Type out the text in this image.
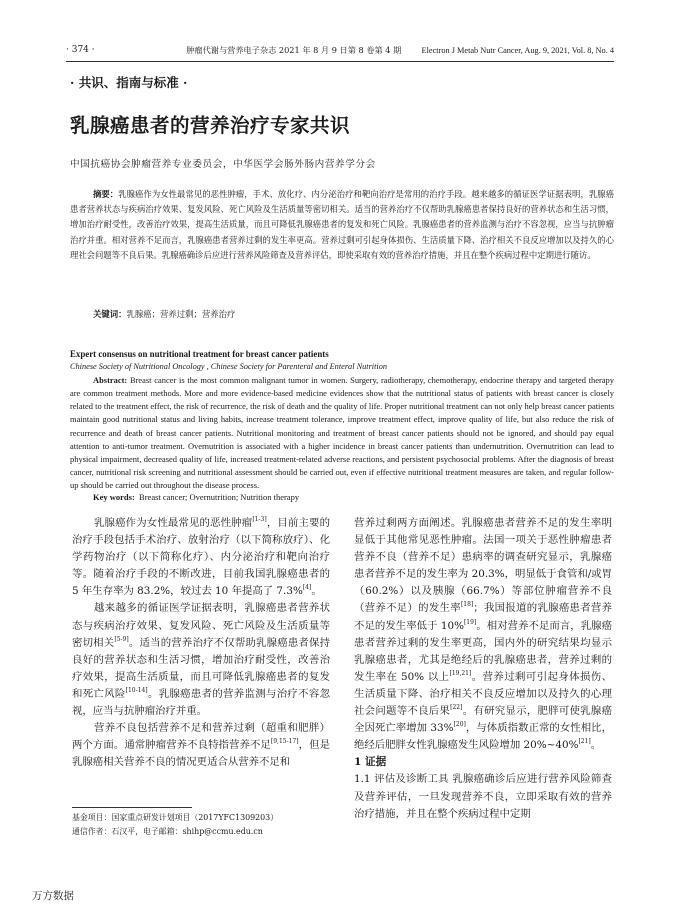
· 374 ·	肿瘤代谢与营养电子杂志 2021 年 8 月 9 日第 8 卷第 4 期	Electron J Metab Nutr Cancer, Aug. 9, 2021, Vol. 8, No. 4
· 共识、指南与标准 ·
乳腺癌患者的营养治疗专家共识
中国抗癌协会肿瘤营养专业委员会，中华医学会肠外肠内营养学分会
摘要：乳腺癌作为女性最常见的恶性肿瘤，手术、放化疗、内分泌治疗和靶向治疗是常用的治疗手段。越来越多的循证医学证据表明，乳腺癌患者营养状态与疾病治疗效果、复发风险、死亡风险及生活质量等密切相关。适当的营养治疗不仅帮助乳腺癌患者保持良好的营养状态和生活习惯，增加治疗耐受性，改善治疗效果，提高生活质量，而且可降低乳腺癌患者的复发和死亡风险。乳腺癌患者的营养监测与治疗不容忽视，应当与抗肿瘤治疗并重。相对营养不足而言，乳腺癌患者营养过剩的发生率更高。营养过剩可引起身体损伤、生活质量下降、治疗相关不良反应增加以及持久的心理社会问题等不良后果。乳腺癌确诊后应进行营养风险筛查及营养评估，即使采取有效的营养治疗措施，并且在整个疾病过程中定期进行随访。
关键词：乳腺癌；营养过剩；营养治疗
Expert consensus on nutritional treatment for breast cancer patients
Chinese Society of Nutritional Oncology , Chinese Society for Parenteral and Enteral Nutrition
Abstract: Breast cancer is the most common malignant tumor in women. Surgery, radiotherapy, chemotherapy, endocrine therapy and targeted therapy are common treatment methods. More and more evidence-based medicine evidences show that the nutritional status of patients with breast cancer is closely related to the treatment effect, the risk of recurrence, the risk of death and the quality of life. Proper nutritional treatment can not only help breast cancer patients maintain good nutritional status and living habits, increase treatment tolerance, improve treatment effect, improve quality of life, but also reduce the risk of recurrence and death of breast cancer patients. Nutritional monitoring and treatment of breast cancer patients should not be ignored, and should pay equal attention to anti-tumor treatment. Overnutrition is associated with a higher incidence in breast cancer patients than undernutrition. Overnutrition can lead to physical impairment, decreased quality of life, increased treatment-related adverse reactions, and persistent psychosocial problems. After the diagnosis of breast cancer, nutritional risk screening and nutritional assessment should be carried out, even if effective nutritional treatment measures are taken, and regular follow-up should be carried out throughout the disease process.
Key words: Breast cancer; Overnutrition; Nutrition therapy

乳腺癌作为女性最常见的恶性肿瘤[1-3]，目前主要的治疗手段包括手术治疗、放射治疗（以下简称放疗）、化学药物治疗（以下简称化疗）、内分泌治疗和靶向治疗等。随着治疗手段的不断改进，目前我国乳腺癌患者的 5 年生存率为 83.2%，较过去 10 年提高了 7.3%[4]。

越来越多的循证医学证据表明，乳腺癌患者营养状态与疾病治疗效果、复发风险、死亡风险及生活质量等密切相关[5-9]。适当的营养治疗不仅帮助乳腺癌患者保持良好的营养状态和生活习惯，增加治疗耐受性，改善治疗效果，提高生活质量，而且可降低乳腺癌患者的复发和死亡风险[10-14]。乳腺癌患者的营养监测与治疗不容忽视，应当与抗肿瘤治疗并重。

营养不良包括营养不足和营养过剩（超重和肥胖）两个方面。通常肿瘤营养不良特指营养不足[9,15-17]，但是乳腺癌相关营养不良的情况更适合从营养不足和

营养过剩两方面阐述。乳腺癌患者营养不足的发生率明显低于其他常见恶性肿瘤。法国一项关于恶性肿瘤患者营养不良（营养不足）患病率的调查研究显示，乳腺癌患者营养不足的发生率为 20.3%，明显低于食管和/或胃（60.2%）以及胰腺（66.7%）等部位肿瘤营养不良（营养不足）的发生率[18]；我国报道的乳腺癌患者营养不足的发生率低于 10%[19]。相对营养不足而言，乳腺癌患者营养过剩的发生率更高，国内外的研究结果均显示乳腺癌患者，尤其是绝经后的乳腺癌患者，营养过剩的发生率在 50% 以上[19,21]。营养过剩可引起身体损伤、生活质量下降、治疗相关不良反应增加以及持久的心理社会问题等不良后果[22]。有研究显示，肥胖可使乳腺癌全因死亡率增加 33%[20]，与体质指数正常的女性相比，绝经后肥胖女性乳腺癌发生风险增加 20%~40%[21]。

1 证据

1.1 评估及诊断工具 乳腺癌确诊后应进行营养风险筛查及营养评估，一旦发现营养不良，立即采取有效的营养治疗措施，并且在整个疾病过程中定期

基金项目：国家重点研发计划项目（2017YFC1309203）
通信作者：石汉平，电子邮箱：shihp@ccmu.edu.cn
万方数据
